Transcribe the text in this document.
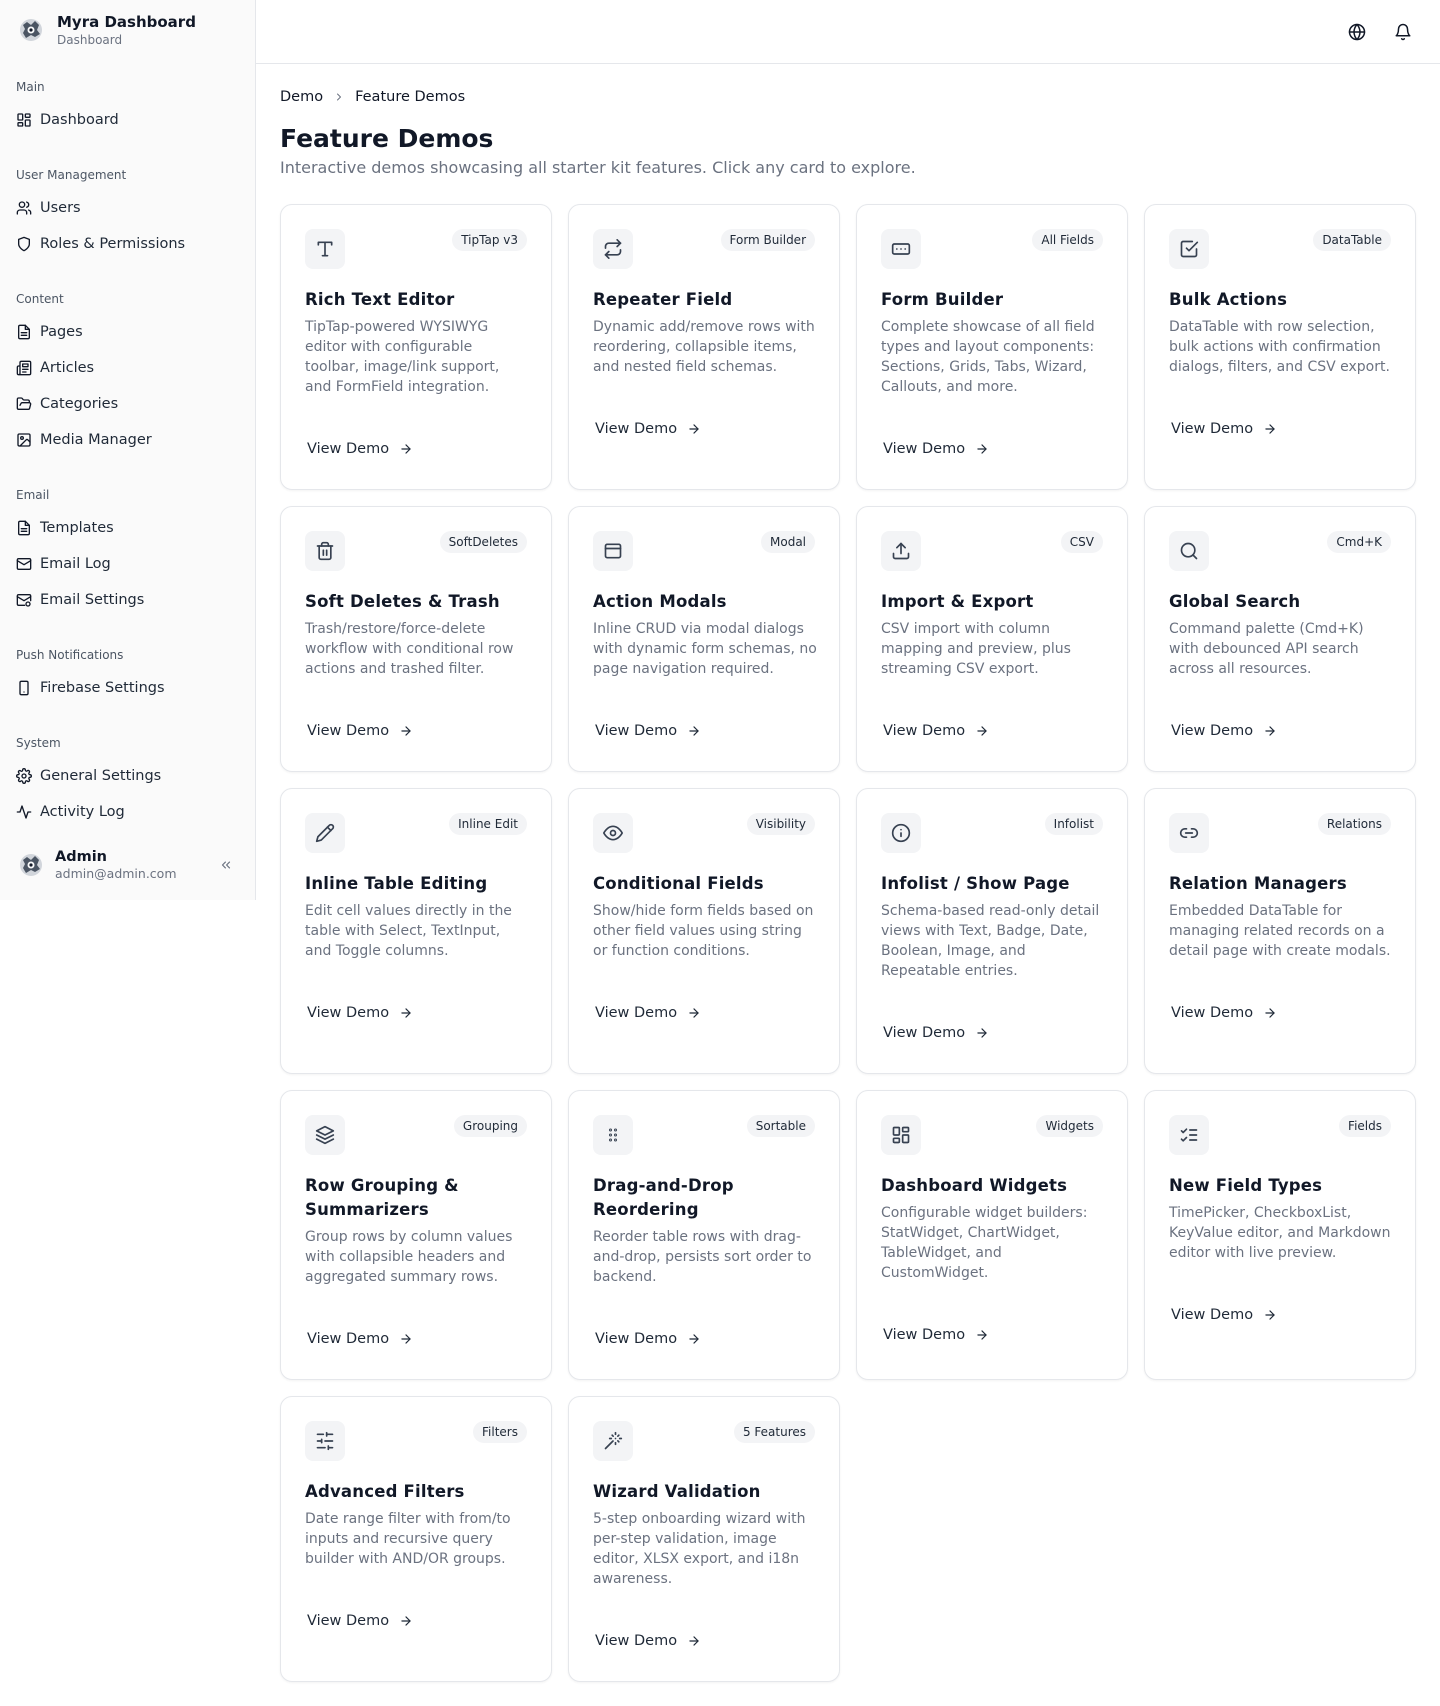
Myra Dashboard
Dashboard
Main
Dashboard
User Management
Users
Roles & Permissions
Content
Pages
Articles
Categories
Media Manager
Email
Templates
Email Log
Email Settings
Push Notifications
Firebase Settings
System
General Settings
Activity Log
Admin
admin@admin.com
Demo Feature Demos
Feature Demos

Interactive demos showcasing all starter kit features. Click any card to explore.

TipTap v3
Rich Text Editor
TipTap-powered WYSIWYG editor with configurable toolbar, image/link support, and FormField integration.
View Demo
Form Builder
Repeater Field
Dynamic add/remove rows with reordering, collapsible items, and nested field schemas.
View Demo
All Fields
Form Builder
Complete showcase of all field types and layout components: Sections, Grids, Tabs, Wizard, Callouts, and more.
View Demo
DataTable
Bulk Actions
DataTable with row selection, bulk actions with confirmation dialogs, filters, and CSV export.
View Demo
SoftDeletes
Soft Deletes & Trash
Trash/restore/force-delete workflow with conditional row actions and trashed filter.
View Demo
Modal
Action Modals
Inline CRUD via modal dialogs with dynamic form schemas, no page navigation required.
View Demo
CSV
Import & Export
CSV import with column mapping and preview, plus streaming CSV export.
View Demo
Cmd+K
Global Search
Command palette (Cmd+K) with debounced API search across all resources.
View Demo
Inline Edit
Inline Table Editing
Edit cell values directly in the table with Select, TextInput, and Toggle columns.
View Demo
Visibility
Conditional Fields
Show/hide form fields based on other field values using string or function conditions.
View Demo
Infolist
Infolist / Show Page
Schema-based read-only detail views with Text, Badge, Date, Boolean, Image, and Repeatable entries.
View Demo
Relations
Relation Managers
Embedded DataTable for managing related records on a detail page with create modals.
View Demo
Grouping
Row Grouping & Summarizers
Group rows by column values with collapsible headers and aggregated summary rows.
View Demo
Sortable
Drag-and-Drop Reordering
Reorder table rows with drag-and-drop, persists sort order to backend.
View Demo
Widgets
Dashboard Widgets
Configurable widget builders: StatWidget, ChartWidget, TableWidget, and CustomWidget.
View Demo
Fields
New Field Types
TimePicker, CheckboxList, KeyValue editor, and Markdown editor with live preview.
View Demo
Filters
Advanced Filters
Date range filter with from/to inputs and recursive query builder with AND/OR groups.
View Demo
5 Features
Wizard Validation
5-step onboarding wizard with per-step validation, image editor, XLSX export, and i18n awareness.
View Demo
